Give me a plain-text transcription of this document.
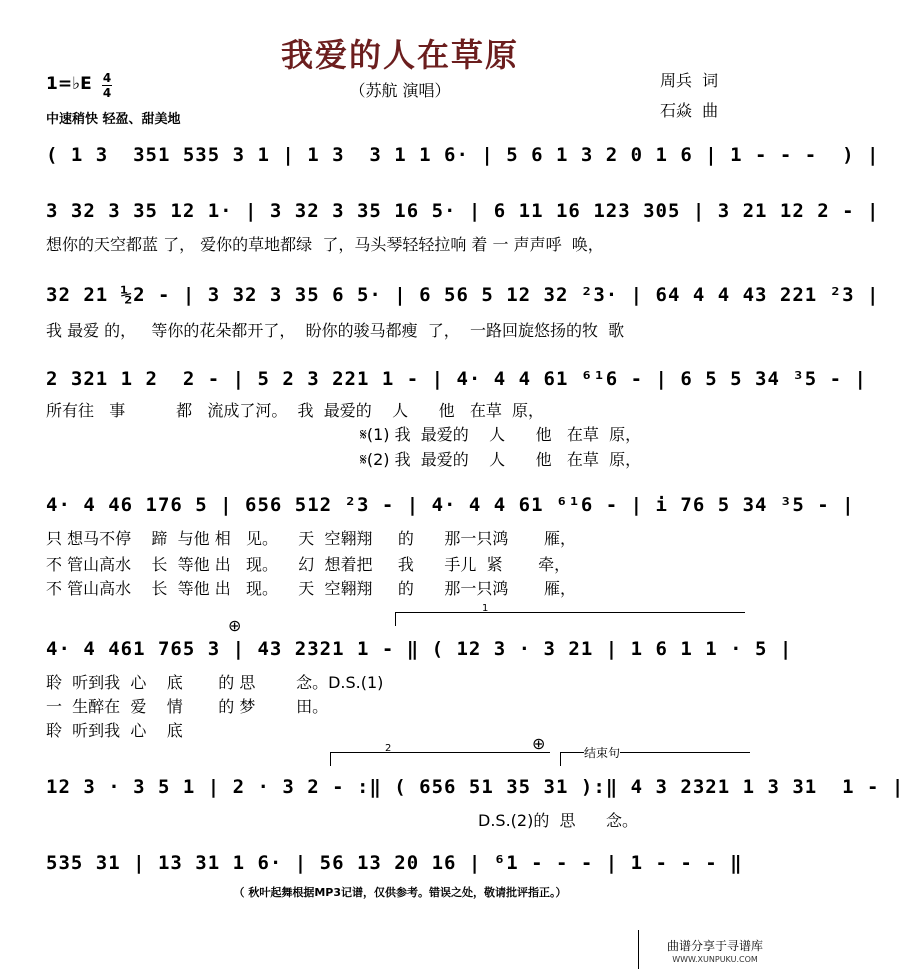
我爱的人在草原
（苏航 演唱）
1=♭E 4
4
中速稍快 轻盈、甜美地
周兵  词
石焱  曲
( 1 3  351 535 3 1 | 1 3  3 1 1 6· | 5 6 1 3 2 0 1 6 | 1 - - -  ) |
3 32 3 35 12 1· | 3 32 3 35 16 5· | 6 11 16 123 305 | 3 21 12 2 - |
想你的天空都蓝 了， 爱你的草地都绿  了，马头琴轻轻拉响 着 一 声声呼  唤，
32 21 ½2 - | 3 32 3 35 6 5· | 6 56 5 12 32 ²3· | 64 4 4 43 221 ²3 |
我 最爱 的，   等你的花朵都开了，  盼你的骏马都瘦  了，  一路回旋悠扬的牧  歌
2 321 1 2  2 - | 5 2 3 221 1 - | 4· 4 4 61 ⁶¹6 - | 6 5 5 34 ³5 - |
所有往   事          都   流成了河。  我  最爱的    人      他   在草  原，
𝄋(1) 我  最爱的    人      他   在草  原，
𝄋(2) 我  最爱的    人      他   在草  原，
4· 4 46 176 5 | 656 512 ²3 - | 4· 4 4 61 ⁶¹6 - | i 76 5 34 ³5 - |
只 想马不停    蹄  与他 相   见。    天  空翱翔     的      那一只鸿       雁，
不 管山高水    长  等他 出   现。    幻  想着把     我      手儿  紧       牵，
不 管山高水    长  等他 出   现。    天  空翱翔     的      那一只鸿       雁，
1
⊕
4· 4 461 765 3 | 43 2321 1 - ‖ ( 12 3 · 3 21 | 1 6 1 1 · 5 |
聆  听到我  心    底       的 思        念。D.S.(1)
一  生醉在  爱    情       的 梦        田。
聆  听到我  心    底
2	⊕	结束句
12 3 · 3 5 1 | 2 · 3 2 - :‖ ( 656 51 35 31 ):‖ 4 3 2321 1 3 31  1 - |
D.S.(2)的  思      念。
535 31 | 13 31 1 6· | 56 13 20 16 | ⁶1 - - - | 1 - - - ‖
（ 秋叶起舞根据MP3记谱，仅供参考。错误之处，敬请批评指正。）
曲谱分享于寻谱库
WWW.XUNPUKU.COM
